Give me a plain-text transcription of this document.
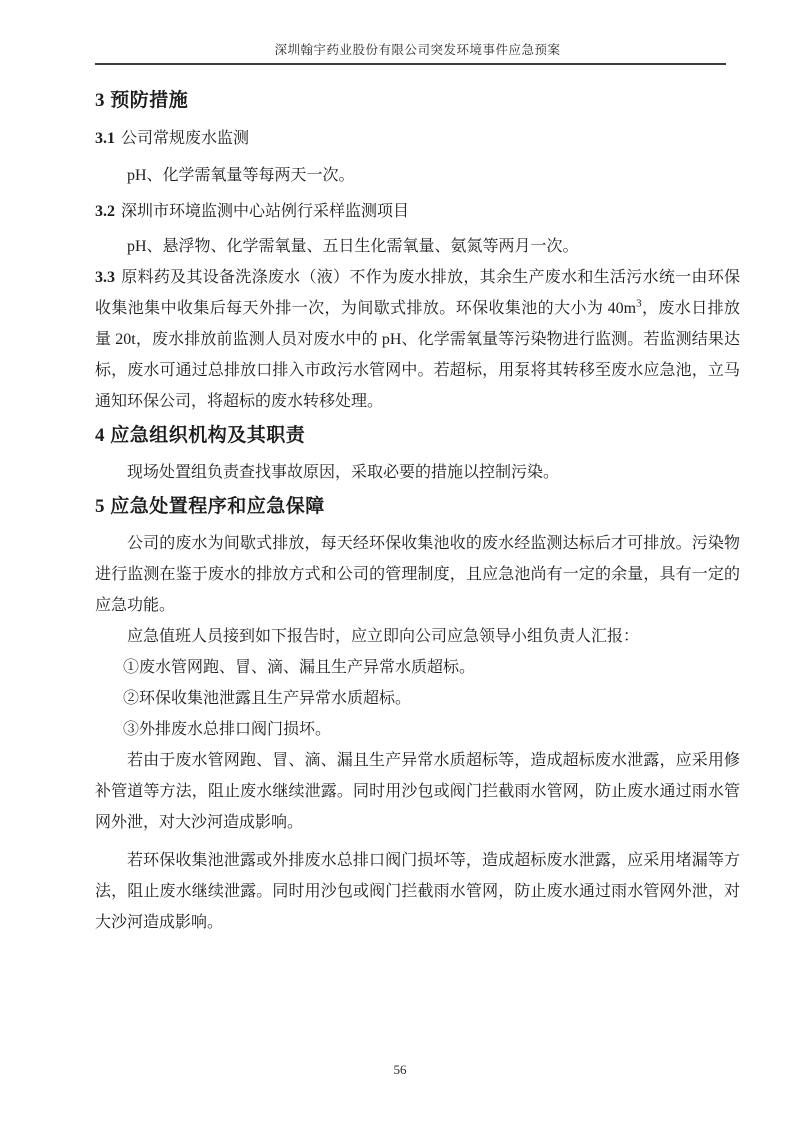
深圳翰宇药业股份有限公司突发环境事件应急预案
3 预防措施
3.1 公司常规废水监测
pH、化学需氧量等每两天一次。
3.2 深圳市环境监测中心站例行采样监测项目
pH、悬浮物、化学需氧量、五日生化需氧量、氨氮等两月一次。
3.3 原料药及其设备洗涤废水（液）不作为废水排放，其余生产废水和生活污水统一由环保收集池集中收集后每天外排一次，为间歇式排放。环保收集池的大小为 $40m^3$，废水日排放量 20t，废水排放前监测人员对废水中的 pH、化学需氧量等污染物进行监测。若监测结果达标，废水可通过总排放口排入市政污水管网中。若超标，用泵将其转移至废水应急池，立马通知环保公司，将超标的废水转移处理。
4 应急组织机构及其职责
现场处置组负责查找事故原因，采取必要的措施以控制污染。
5 应急处置程序和应急保障
公司的废水为间歇式排放，每天经环保收集池收的废水经监测达标后才可排放。污染物进行监测在鉴于废水的排放方式和公司的管理制度，且应急池尚有一定的余量，具有一定的应急功能。
应急值班人员接到如下报告时，应立即向公司应急领导小组负责人汇报：
①废水管网跑、冒、滴、漏且生产异常水质超标。
②环保收集池泄露且生产异常水质超标。
③外排废水总排口阀门损坏。
若由于废水管网跑、冒、滴、漏且生产异常水质超标等，造成超标废水泄露，应采用修补管道等方法，阻止废水继续泄露。同时用沙包或阀门拦截雨水管网，防止废水通过雨水管网外泄，对大沙河造成影响。
若环保收集池泄露或外排废水总排口阀门损坏等，造成超标废水泄露，应采用堵漏等方法，阻止废水继续泄露。同时用沙包或阀门拦截雨水管网，防止废水通过雨水管网外泄，对大沙河造成影响。
56
